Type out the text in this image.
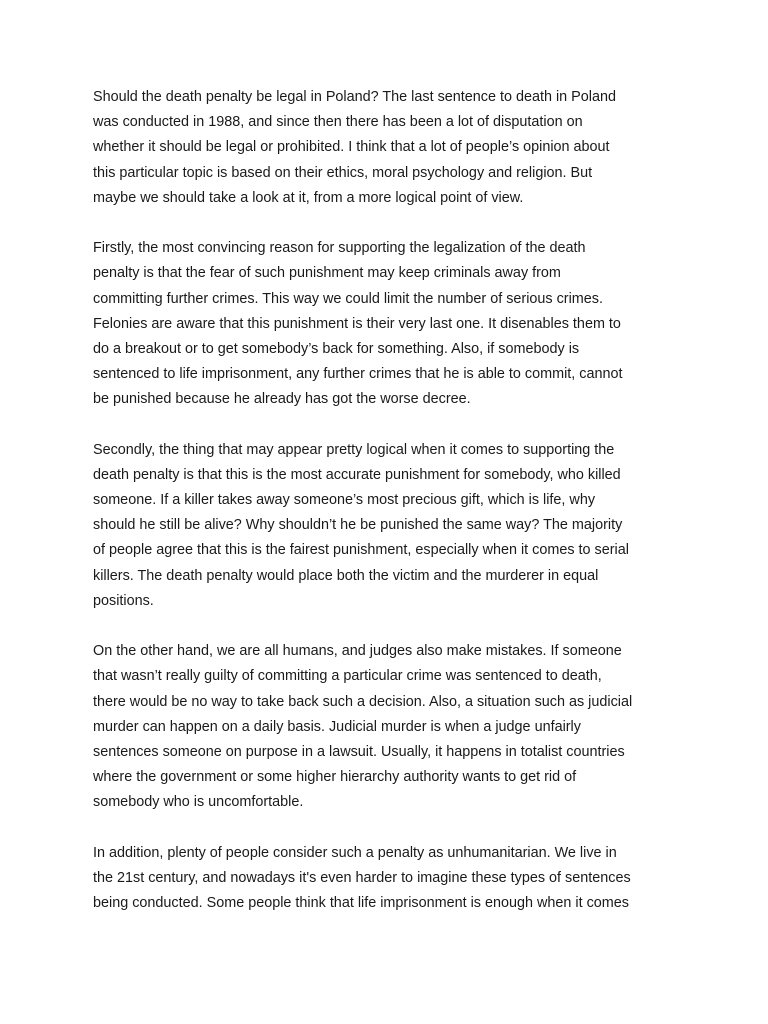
Should the death penalty be legal in Poland? The last sentence to death in Poland
was conducted in 1988, and since then there has been a lot of disputation on
whether it should be legal or prohibited. I think that a lot of people’s opinion about
this particular topic is based on their ethics, moral psychology and religion. But
maybe we should take a look at it, from a more logical point of view.

Firstly, the most convincing reason for supporting the legalization of the death
penalty is that the fear of such punishment may keep criminals away from
committing further crimes. This way we could limit the number of serious crimes.
Felonies are aware that this punishment is their very last one. It disenables them to
do a breakout or to get somebody’s back for something. Also, if somebody is
sentenced to life imprisonment, any further crimes that he is able to commit, cannot
be punished because he already has got the worse decree.

Secondly, the thing that may appear pretty logical when it comes to supporting the
death penalty is that this is the most accurate punishment for somebody, who killed
someone. If a killer takes away someone’s most precious gift, which is life, why
should he still be alive? Why shouldn’t he be punished the same way? The majority
of people agree that this is the fairest punishment, especially when it comes to serial
killers. The death penalty would place both the victim and the murderer in equal
positions.

On the other hand, we are all humans, and judges also make mistakes. If someone
that wasn’t really guilty of committing a particular crime was sentenced to death,
there would be no way to take back such a decision. Also, a situation such as judicial
murder can happen on a daily basis. Judicial murder is when a judge unfairly
sentences someone on purpose in a lawsuit. Usually, it happens in totalist countries
where the government or some higher hierarchy authority wants to get rid of
somebody who is uncomfortable.

In addition, plenty of people consider such a penalty as unhumanitarian. We live in
the 21st century, and nowadays it's even harder to imagine these types of sentences
being conducted. Some people think that life imprisonment is enough when it comes
